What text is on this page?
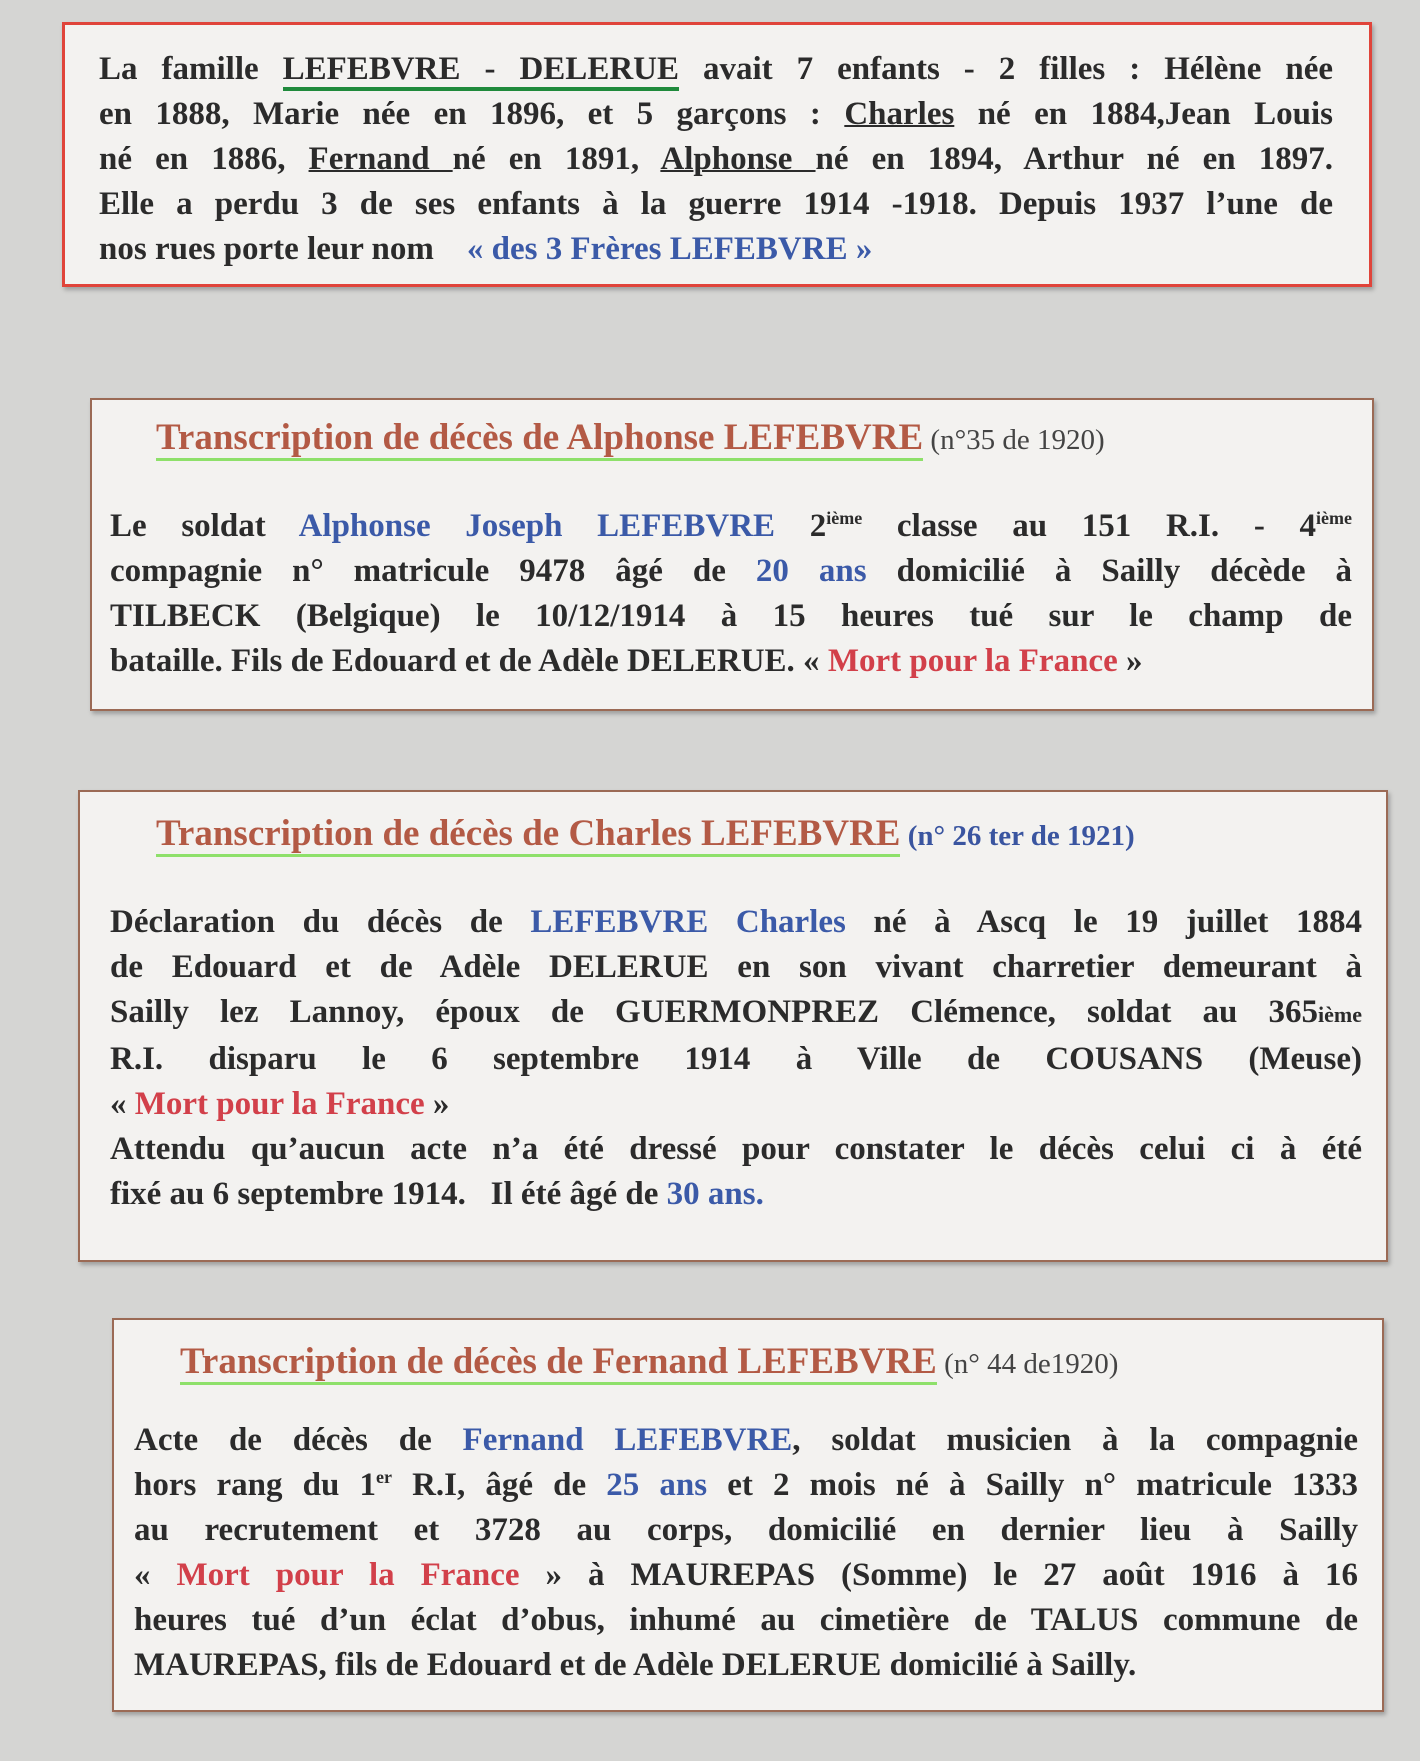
La famille LEFEBVRE - DELERUE avait 7 enfants - 2 filles : Hélène née
en 1888, Marie née en 1896, et 5 garçons : Charles né en 1884,Jean Louis
né en 1886, Fernand né en 1891, Alphonse né en 1894, Arthur né en 1897.
Elle a perdu 3 de ses enfants à la guerre 1914 -1918. Depuis 1937 l’une de
nos rues porte leur nom    « des 3 Frères LEFEBVRE »
Transcription de décès de Alphonse LEFEBVRE (n°35 de 1920)
Le soldat Alphonse Joseph LEFEBVRE 2ième classe au 151 R.I. - 4ième
compagnie n° matricule 9478 âgé de 20 ans domicilié à Sailly décède à
TILBECK (Belgique) le 10/12/1914 à 15 heures tué sur le champ de
bataille. Fils de Edouard et de Adèle DELERUE. « Mort pour la France »
Transcription de décès de Charles LEFEBVRE (n° 26 ter de 1921)
Déclaration du décès de LEFEBVRE Charles né à Ascq le 19 juillet 1884
de Edouard et de Adèle DELERUE en son vivant charretier demeurant à
Sailly lez Lannoy, époux de GUERMONPREZ Clémence, soldat au 365ième
R.I. disparu le 6 septembre 1914 à Ville de COUSANS (Meuse)
« Mort pour la France »
Attendu qu’aucun acte n’a été dressé pour constater le décès celui ci à été
fixé au 6 septembre 1914.   Il été âgé de 30 ans.
Transcription de décès de Fernand LEFEBVRE (n° 44 de1920)
Acte de décès de Fernand LEFEBVRE, soldat musicien à la compagnie
hors rang du 1er R.I, âgé de 25 ans et 2 mois né à Sailly n° matricule 1333
au recrutement et 3728 au corps, domicilié en dernier lieu à Sailly
« Mort pour la France » à MAUREPAS (Somme) le 27 août 1916 à 16
heures tué d’un éclat d’obus, inhumé au cimetière de TALUS commune de
MAUREPAS, fils de Edouard et de Adèle DELERUE domicilié à Sailly.
